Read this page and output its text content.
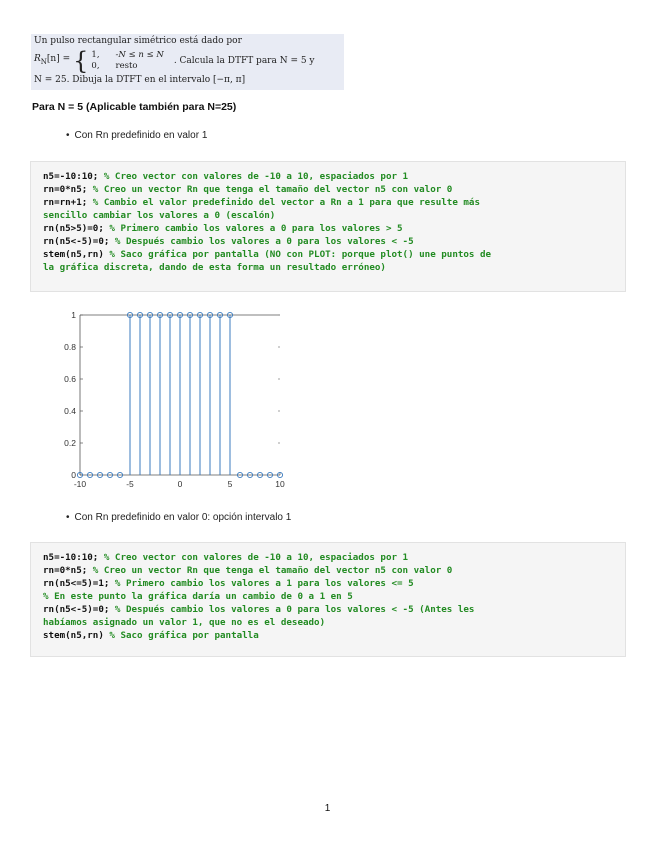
Un pulso rectangular simétrico está dado por
$R_N[n]$ = { 1, -N ≤ n ≤ N
0, resto
. Calcula la DTFT para N = 5 y
N = 25. Dibuja la DTFT en el intervalo [−π, π]
Para N = 5 (Aplicable también para N=25)
• Con Rn predefinido en valor 1
n5=-10:10; % Creo vector con valores de -10 a 10, espaciados por 1
rn=0*n5; % Creo un vector Rn que tenga el tamaño del vector n5 con valor 0
rn=rn+1; % Cambio el valor predefinido del vector a Rn a 1 para que resulte más
sencillo cambiar los valores a 0 (escalón)
rn(n5>5)=0; % Primero cambio los valores a 0 para los valores > 5
rn(n5<-5)=0; % Después cambio los valores a 0 para los valores < -5
stem(n5,rn) % Saco gráfica por pantalla (NO con PLOT: porque plot() une puntos de
la gráfica discreta, dando de esta forma un resultado erróneo)
0
0.2
0.4
0.6
0.8
1
-10	-5	0	5	10
• Con Rn predefinido en valor 0: opción intervalo 1
n5=-10:10; % Creo vector con valores de -10 a 10, espaciados por 1
rn=0*n5; % Creo un vector Rn que tenga el tamaño del vector n5 con valor 0
rn(n5<=5)=1; % Primero cambio los valores a 1 para los valores <= 5
% En este punto la gráfica daría un cambio de 0 a 1 en 5
rn(n5<-5)=0; % Después cambio los valores a 0 para los valores < -5 (Antes les
habíamos asignado un valor 1, que no es el deseado)
stem(n5,rn) % Saco gráfica por pantalla
1
